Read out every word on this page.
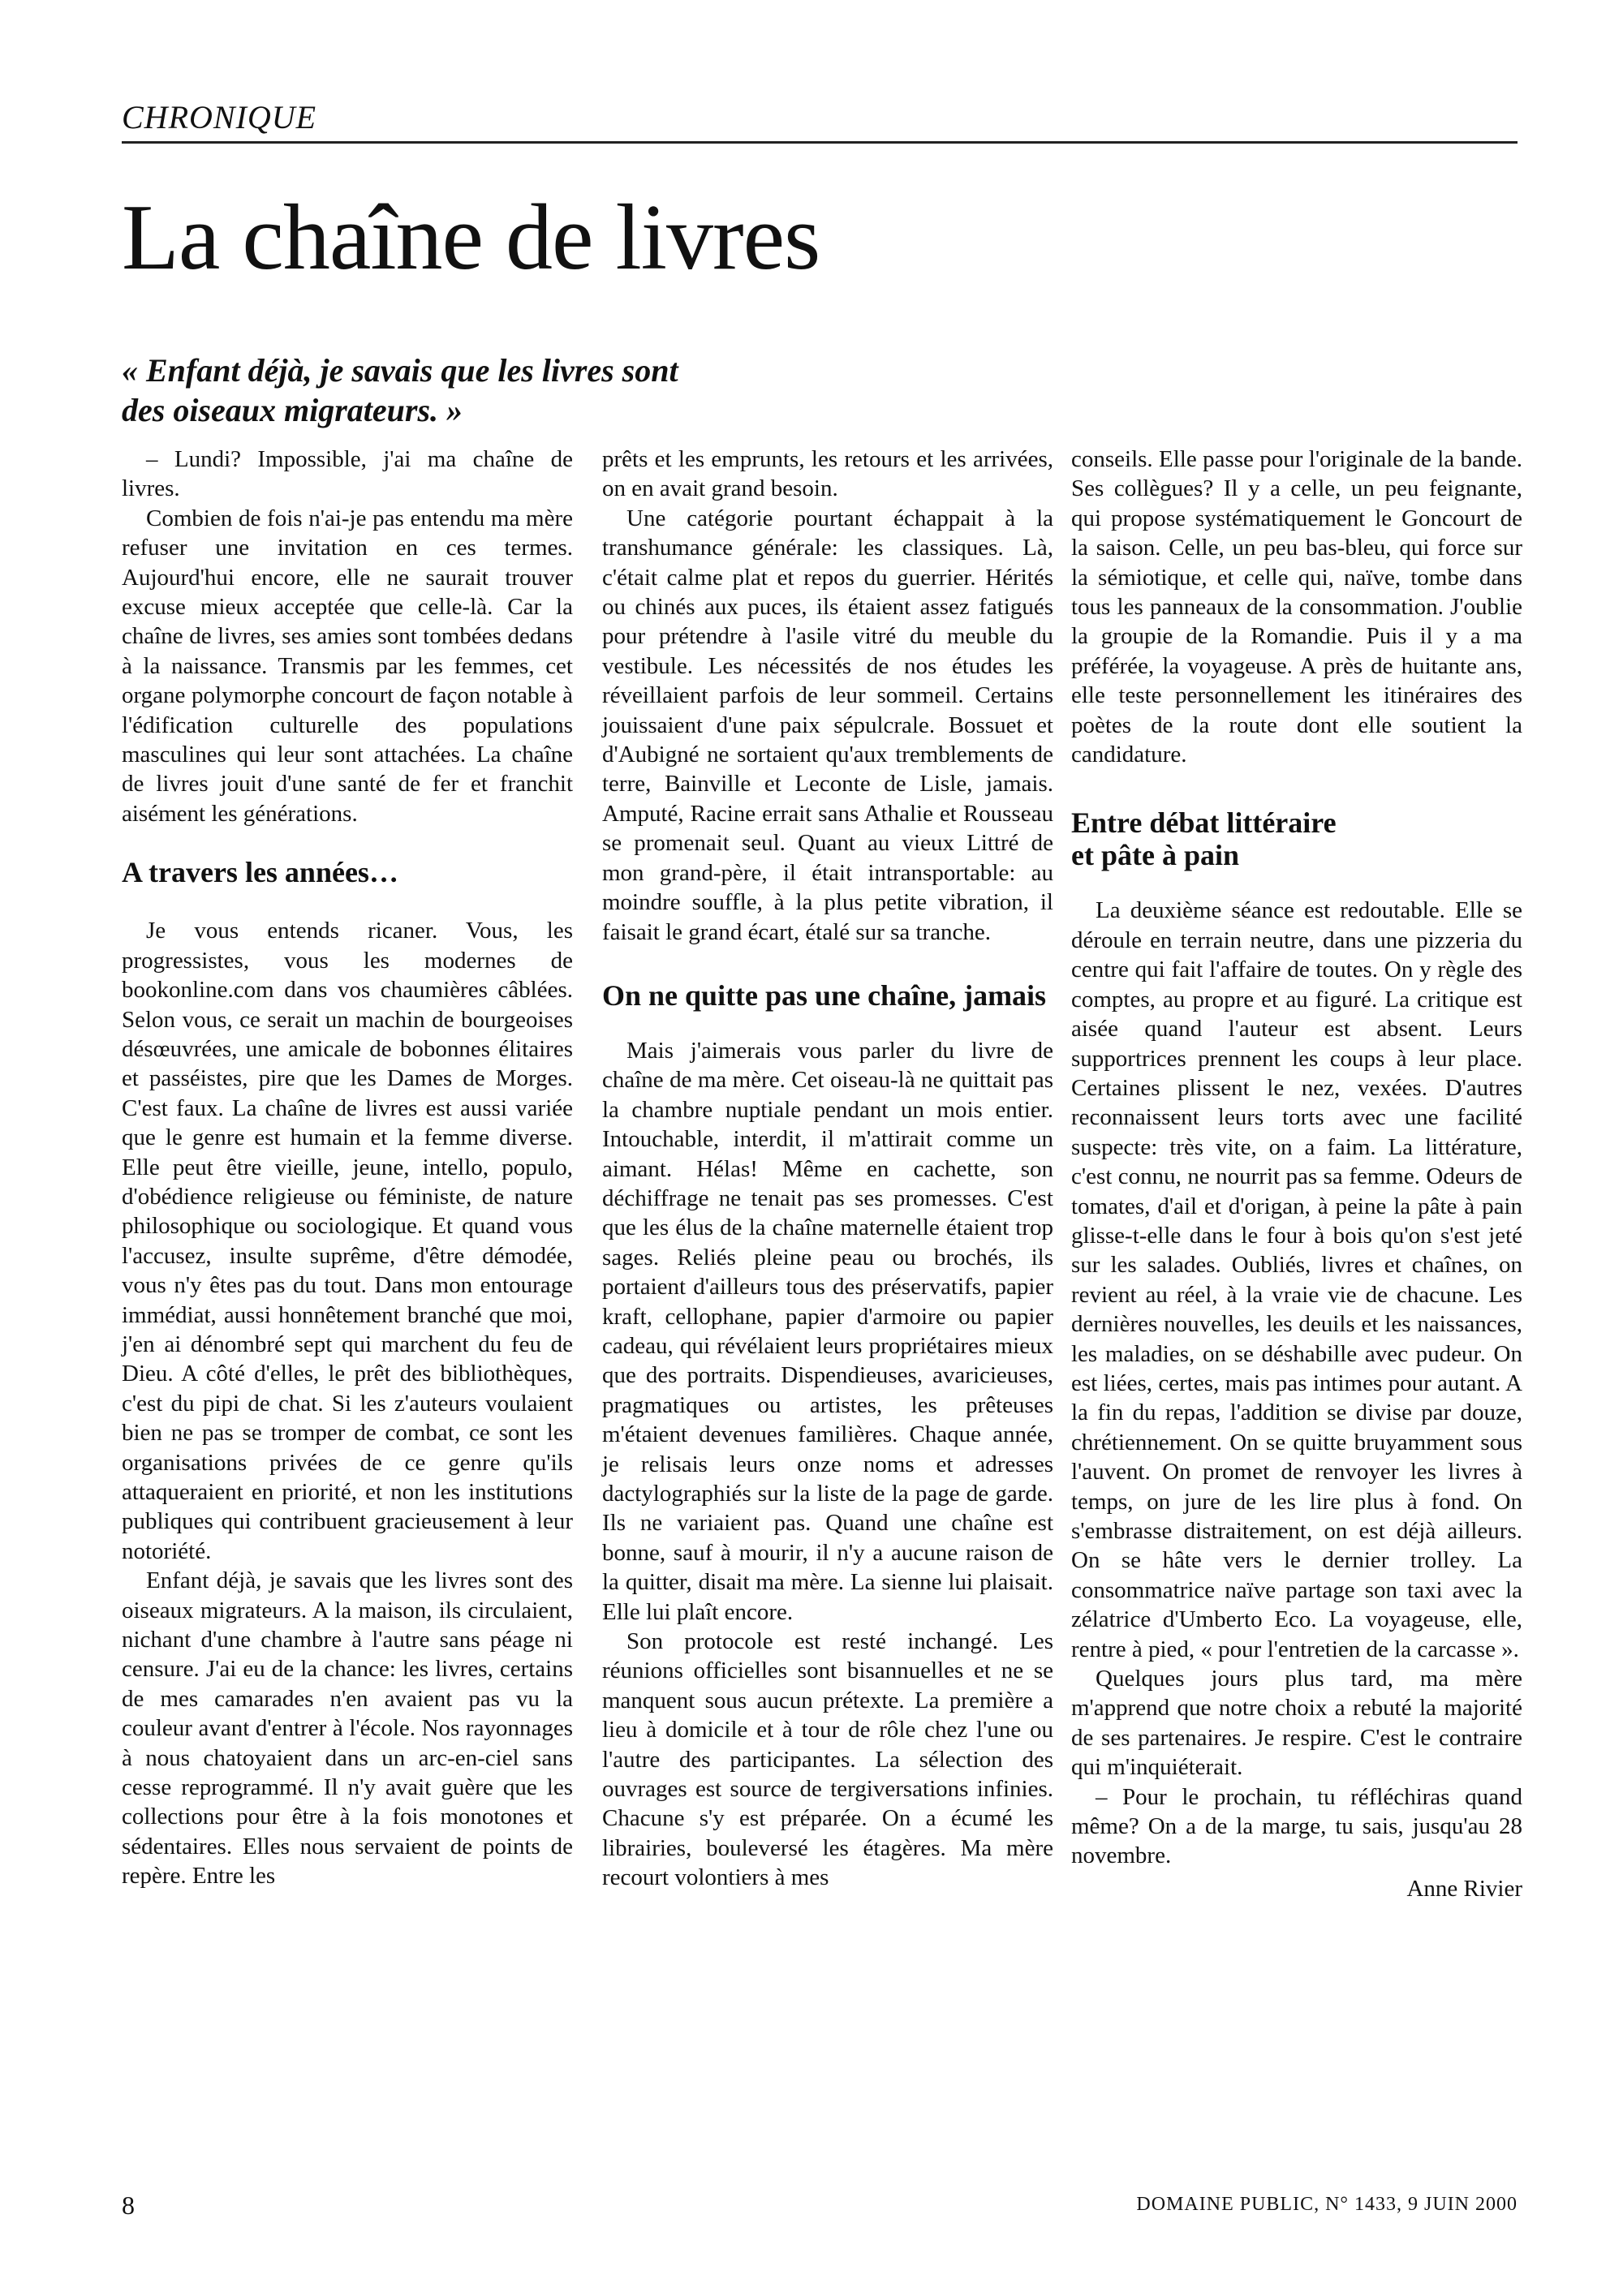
CHRONIQUE
La chaîne de livres
« Enfant déjà, je savais que les livres sont
des oiseaux migrateurs. »

– Lundi? Impossible, j'ai ma chaîne de livres.

Combien de fois n'ai-je pas entendu ma mère refuser une invitation en ces termes. Aujourd'hui encore, elle ne saurait trouver excuse mieux acceptée que celle-là. Car la chaîne de livres, ses amies sont tombées dedans à la naissance. Transmis par les femmes, cet organe polymorphe concourt de façon notable à l'édification culturelle des populations masculines qui leur sont attachées. La chaîne de livres jouit d'une santé de fer et franchit aisément les générations.

A travers les années…

Je vous entends ricaner. Vous, les progressistes, vous les modernes de bookonline.com dans vos chaumières câblées. Selon vous, ce serait un machin de bourgeoises désœuvrées, une amicale de bobonnes élitaires et passéistes, pire que les Dames de Morges. C'est faux. La chaîne de livres est aussi variée que le genre est humain et la femme diverse. Elle peut être vieille, jeune, intello, populo, d'obédience religieuse ou féministe, de nature philosophique ou sociologique. Et quand vous l'accusez, insulte suprême, d'être démodée, vous n'y êtes pas du tout. Dans mon entourage immédiat, aussi honnêtement branché que moi, j'en ai dénombré sept qui marchent du feu de Dieu. A côté d'elles, le prêt des bibliothèques, c'est du pipi de chat. Si les z'auteurs voulaient bien ne pas se tromper de combat, ce sont les organisations privées de ce genre qu'ils attaqueraient en priorité, et non les institutions publiques qui contribuent gracieusement à leur notoriété.

Enfant déjà, je savais que les livres sont des oiseaux migrateurs. A la maison, ils circulaient, nichant d'une chambre à l'autre sans péage ni censure. J'ai eu de la chance: les livres, certains de mes camarades n'en avaient pas vu la couleur avant d'entrer à l'école. Nos rayonnages à nous chatoyaient dans un arc-en-ciel sans cesse reprogrammé. Il n'y avait guère que les collections pour être à la fois monotones et sédentaires. Elles nous servaient de points de repère. Entre les

prêts et les emprunts, les retours et les arrivées, on en avait grand besoin.

Une catégorie pourtant échappait à la transhumance générale: les classiques. Là, c'était calme plat et repos du guerrier. Hérités ou chinés aux puces, ils étaient assez fatigués pour prétendre à l'asile vitré du meuble du vestibule. Les nécessités de nos études les réveillaient parfois de leur sommeil. Certains jouissaient d'une paix sépulcrale. Bossuet et d'Aubigné ne sortaient qu'aux tremblements de terre, Bainville et Leconte de Lisle, jamais. Amputé, Racine errait sans Athalie et Rousseau se promenait seul. Quant au vieux Littré de mon grand-père, il était intransportable: au moindre souffle, à la plus petite vibration, il faisait le grand écart, étalé sur sa tranche.

On ne quitte pas une chaîne, jamais

Mais j'aimerais vous parler du livre de chaîne de ma mère. Cet oiseau-là ne quittait pas la chambre nuptiale pendant un mois entier. Intouchable, interdit, il m'attirait comme un aimant. Hélas! Même en cachette, son déchiffrage ne tenait pas ses promesses. C'est que les élus de la chaîne maternelle étaient trop sages. Reliés pleine peau ou brochés, ils portaient d'ailleurs tous des préservatifs, papier kraft, cellophane, papier d'armoire ou papier cadeau, qui révélaient leurs propriétaires mieux que des portraits. Dispendieuses, avaricieuses, pragmatiques ou artistes, les prêteuses m'étaient devenues familières. Chaque année, je relisais leurs onze noms et adresses dactylographiés sur la liste de la page de garde. Ils ne variaient pas. Quand une chaîne est bonne, sauf à mourir, il n'y a aucune raison de la quitter, disait ma mère. La sienne lui plaisait. Elle lui plaît encore.

Son protocole est resté inchangé. Les réunions officielles sont bisannuelles et ne se manquent sous aucun prétexte. La première a lieu à domicile et à tour de rôle chez l'une ou l'autre des participantes. La sélection des ouvrages est source de tergiversations infinies. Chacune s'y est préparée. On a écumé les librairies, bouleversé les étagères. Ma mère recourt volontiers à mes

conseils. Elle passe pour l'originale de la bande. Ses collègues? Il y a celle, un peu feignante, qui propose systématiquement le Goncourt de la saison. Celle, un peu bas-bleu, qui force sur la sémiotique, et celle qui, naïve, tombe dans tous les panneaux de la consommation. J'oublie la groupie de la Romandie. Puis il y a ma préférée, la voyageuse. A près de huitante ans, elle teste personnellement les itinéraires des poètes de la route dont elle soutient la candidature.

Entre débat littéraire
et pâte à pain

La deuxième séance est redoutable. Elle se déroule en terrain neutre, dans une pizzeria du centre qui fait l'affaire de toutes. On y règle des comptes, au propre et au figuré. La critique est aisée quand l'auteur est absent. Leurs supportrices prennent les coups à leur place. Certaines plissent le nez, vexées. D'autres reconnaissent leurs torts avec une facilité suspecte: très vite, on a faim. La littérature, c'est connu, ne nourrit pas sa femme. Odeurs de tomates, d'ail et d'origan, à peine la pâte à pain glisse-t-elle dans le four à bois qu'on s'est jeté sur les salades. Oubliés, livres et chaînes, on revient au réel, à la vraie vie de chacune. Les dernières nouvelles, les deuils et les naissances, les maladies, on se déshabille avec pudeur. On est liées, certes, mais pas intimes pour autant. A la fin du repas, l'addition se divise par douze, chrétiennement. On se quitte bruyamment sous l'auvent. On promet de renvoyer les livres à temps, on jure de les lire plus à fond. On s'embrasse distraitement, on est déjà ailleurs. On se hâte vers le dernier trolley. La consommatrice naïve partage son taxi avec la zélatrice d'Umberto Eco. La voyageuse, elle, rentre à pied, « pour l'entretien de la carcasse ».

Quelques jours plus tard, ma mère m'apprend que notre choix a rebuté la majorité de ses partenaires. Je respire. C'est le contraire qui m'inquiéterait.

– Pour le prochain, tu réfléchiras quand même? On a de la marge, tu sais, jusqu'au 28 novembre.

Anne Rivier

8	DOMAINE PUBLIC, N° 1433, 9 JUIN 2000
